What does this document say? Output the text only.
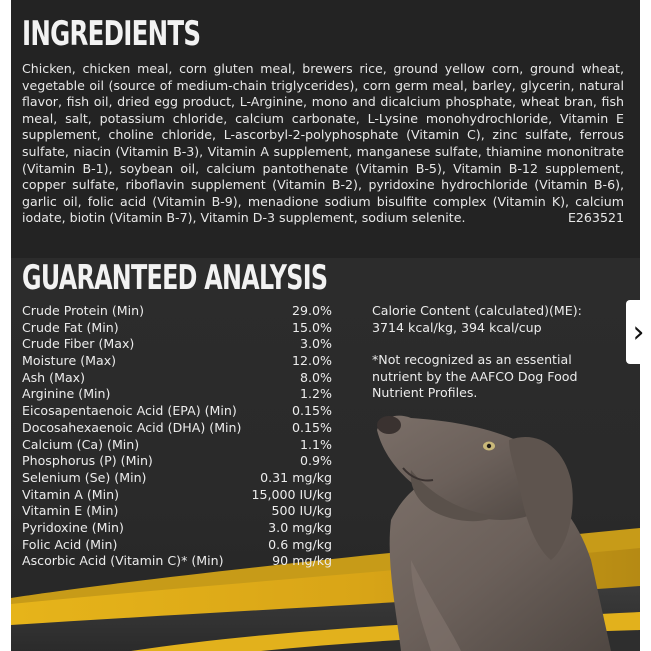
INGREDIENTS

Chicken, chicken meal, corn gluten meal, brewers rice, ground yellow corn, ground wheat, vegetable oil (source of medium-chain triglycerides), corn germ meal, barley, glycerin, natural flavor, fish oil, dried egg product, L-Arginine, mono and dicalcium phosphate, wheat bran, fish meal, salt, potassium chloride, calcium carbonate, L-Lysine monohydrochloride, Vitamin E supplement, choline chloride, L-ascorbyl-2-polyphosphate (Vitamin C), zinc sulfate, ferrous sulfate, niacin (Vitamin B-3), Vitamin A supplement, manganese sulfate, thiamine mononitrate (Vitamin B-1), soybean oil, calcium pantothenate (Vitamin B-5), Vitamin B-12 supplement, copper sulfate, riboflavin supplement (Vitamin B-2), pyridoxine hydrochloride (Vitamin B-6), garlic oil, folic acid (Vitamin B-9), menadione sodium bisulfite complex (Vitamin K), calcium iodate, biotin (Vitamin B-7), Vitamin D-3 supplement, sodium selenite.	E263521

GUARANTEED ANALYSIS
Crude Protein (Min)	29.0%
Crude Fat (Min)	15.0%
Crude Fiber (Max)	3.0%
Moisture (Max)	12.0%
Ash (Max)	8.0%
Arginine (Min)	1.2%
Eicosapentaenoic Acid (EPA) (Min)	0.15%
Docosahexaenoic Acid (DHA) (Min)	0.15%
Calcium (Ca) (Min)	1.1%
Phosphorus (P) (Min)	0.9%
Selenium (Se) (Min)	0.31 mg/kg
Vitamin A (Min)	15,000 IU/kg
Vitamin E (Min)	500 IU/kg
Pyridoxine (Min)	3.0 mg/kg
Folic Acid (Min)	0.6 mg/kg
Ascorbic Acid (Vitamin C)* (Min)	90 mg/kg

Calorie Content (calculated)(ME):
3714 kcal/kg, 394 kcal/cup

*Not recognized as an essential nutrient by the AAFCO Dog Food Nutrient Profiles.

›
